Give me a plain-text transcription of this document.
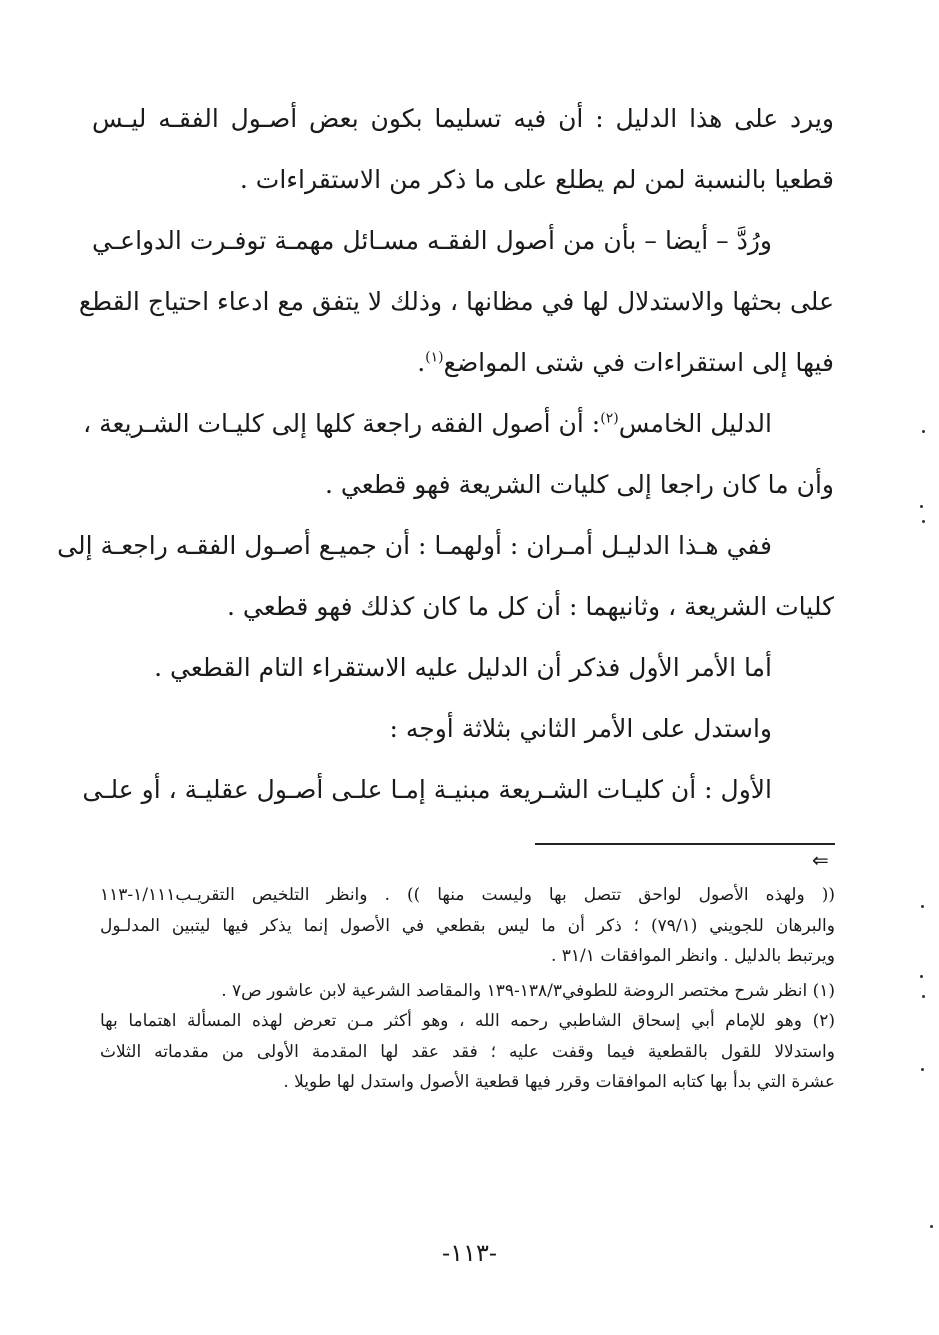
ويرد على هذا الدليل : أن فيه تسليما بكون بعض أصـول الفقـه ليـس
قطعيا بالنسبة لمن لم يطلع على ما ذكر من الاستقراءات .
ورُدَّ – أيضا – بأن من أصول الفقـه مسـائل مهمـة توفـرت الدواعـي
على بحثها والاستدلال لها في مظانها ، وذلك لا يتفق مع ادعاء احتياج القطع
فيها إلى استقراءات في شتى المواضع$^{(١)}$.
الدليل الخامس$^{(٢)}$: أن أصول الفقه راجعة كلها إلى كليـات الشـريعة ،
وأن ما كان راجعا إلى كليات الشريعة فهو قطعي .
ففي هـذا الدليـل أمـران : أولهمـا : أن جميـع أصـول الفقـه راجعـة إلى
كليات الشريعة ، وثانيهما : أن كل ما كان كذلك فهو قطعي .
أما الأمر الأول فذكر أن الدليل عليه الاستقراء التام القطعي .
واستدل على الأمر الثاني بثلاثة أوجه :
الأول : أن كليـات الشـريعة مبنيـة إمـا علـى أصـول عقليـة ، أو علـى
⇐
(( ولهذه الأصول لواحق تتصل بها وليست منها )) . وانظر التلخيص التقريـب١/١١١-١١٣
والبرهان للجويني (٧٩/١) ؛ ذكر أن ما ليس بقطعي في الأصول إنما يذكر فيها ليتبين المدلـول
ويرتبط بالدليل . وانظر الموافقات ٣١/١ .
(١) انظر شرح مختصر الروضة للطوفي١٣٨/٣-١٣٩ والمقاصد الشرعية لابن عاشور ص٧ .
(٢) وهو للإمام أبي إسحاق الشاطبي رحمه الله ، وهو أكثر مـن تعرض لهذه المسألة اهتماما بها
واستدلالا للقول بالقطعية فيما وقفت عليه ؛ فقد عقد لها المقدمة الأولى من مقدماته الثلاث
عشرة التي بدأ بها كتابه الموافقات وقرر فيها قطعية الأصول واستدل لها طويلا .
-١١٣-
